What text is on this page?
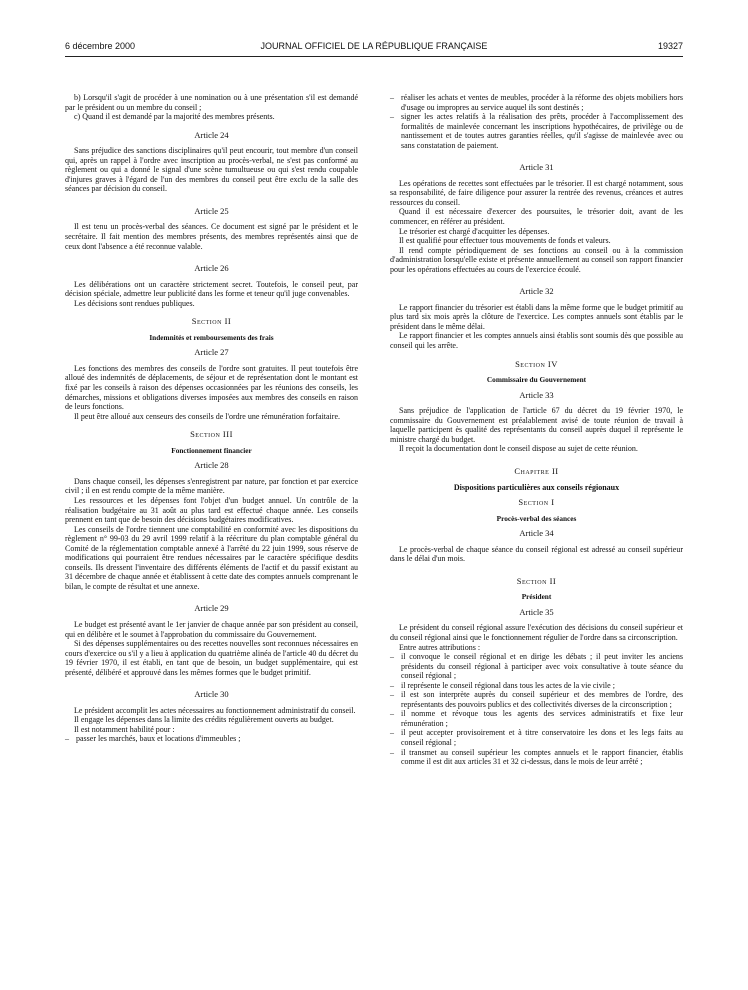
6 décembre 2000	JOURNAL OFFICIEL DE LA RÉPUBLIQUE FRANÇAISE	19327

b) Lorsqu'il s'agit de procéder à une nomination ou à une présentation s'il est demandé par le président ou un membre du conseil ;

c) Quand il est demandé par la majorité des membres présents.

Article 24

Sans préjudice des sanctions disciplinaires qu'il peut encourir, tout membre d'un conseil qui, après un rappel à l'ordre avec inscription au procès-verbal, ne s'est pas conformé au règlement ou qui a donné le signal d'une scène tumultueuse ou qui s'est rendu coupable d'injures graves à l'égard de l'un des membres du conseil peut être exclu de la salle des séances par décision du conseil.

Article 25

Il est tenu un procès-verbal des séances. Ce document est signé par le président et le secrétaire. Il fait mention des membres présents, des membres représentés ainsi que de ceux dont l'absence a été reconnue valable.

Article 26

Les délibérations ont un caractère strictement secret. Toutefois, le conseil peut, par décision spéciale, admettre leur publicité dans les forme et teneur qu'il juge convenables.

Les décisions sont rendues publiques.

Section II
Indemnités et remboursements des frais
Article 27

Les fonctions des membres des conseils de l'ordre sont gratuites. Il peut toutefois être alloué des indemnités de déplacements, de séjour et de représentation dont le montant est fixé par les conseils à raison des dépenses occasionnées par les réunions des conseils, les démarches, missions et obligations diverses imposées aux membres des conseils en raison de leurs fonctions.

Il peut être alloué aux censeurs des conseils de l'ordre une rémunération forfaitaire.

Section III
Fonctionnement financier
Article 28

Dans chaque conseil, les dépenses s'enregistrent par nature, par fonction et par exercice civil ; il en est rendu compte de la même manière.

Les ressources et les dépenses font l'objet d'un budget annuel. Un contrôle de la réalisation budgétaire au 31 août au plus tard est effectué chaque année. Les conseils prennent en tant que de besoin des décisions budgétaires modificatives.

Les conseils de l'ordre tiennent une comptabilité en conformité avec les dispositions du règlement n° 99-03 du 29 avril 1999 relatif à la réécriture du plan comptable général du Comité de la réglementation comptable annexé à l'arrêté du 22 juin 1999, sous réserve de modifications qui pourraient être rendues nécessaires par le caractère spécifique desdits conseils. Ils dressent l'inventaire des différents éléments de l'actif et du passif existant au 31 décembre de chaque année et établissent à cette date des comptes annuels comprenant le bilan, le compte de résultat et une annexe.

Article 29

Le budget est présenté avant le 1er janvier de chaque année par son président au conseil, qui en délibère et le soumet à l'approbation du commissaire du Gouvernement.

Si des dépenses supplémentaires ou des recettes nouvelles sont reconnues nécessaires en cours d'exercice ou s'il y a lieu à application du quatrième alinéa de l'article 40 du décret du 19 février 1970, il est établi, en tant que de besoin, un budget supplémentaire, qui est présenté, délibéré et approuvé dans les mêmes formes que le budget primitif.

Article 30

Le président accomplit les actes nécessaires au fonctionnement administratif du conseil.

Il engage les dépenses dans la limite des crédits régulièrement ouverts au budget.

Il est notamment habilité pour :

– passer les marchés, baux et locations d'immeubles ;

– réaliser les achats et ventes de meubles, procéder à la réforme des objets mobiliers hors d'usage ou impropres au service auquel ils sont destinés ;

– signer les actes relatifs à la réalisation des prêts, procéder à l'accomplissement des formalités de mainlevée concernant les inscriptions hypothécaires, de privilège ou de nantissement et de toutes autres garanties réelles, qu'il s'agisse de mainlevée avec ou sans constatation de paiement.

Article 31

Les opérations de recettes sont effectuées par le trésorier. Il est chargé notamment, sous sa responsabilité, de faire diligence pour assurer la rentrée des revenus, créances et autres ressources du conseil.

Quand il est nécessaire d'exercer des poursuites, le trésorier doit, avant de les commencer, en référer au président.

Le trésorier est chargé d'acquitter les dépenses.

Il est qualifié pour effectuer tous mouvements de fonds et valeurs.

Il rend compte périodiquement de ses fonctions au conseil ou à la commission d'administration lorsqu'elle existe et présente annuellement au conseil son rapport financier pour les opérations effectuées au cours de l'exercice écoulé.

Article 32

Le rapport financier du trésorier est établi dans la même forme que le budget primitif au plus tard six mois après la clôture de l'exercice. Les comptes annuels sont établis par le président dans le même délai.

Le rapport financier et les comptes annuels ainsi établis sont soumis dès que possible au conseil qui les arrête.

Section IV
Commissaire du Gouvernement
Article 33

Sans préjudice de l'application de l'article 67 du décret du 19 février 1970, le commissaire du Gouvernement est préalablement avisé de toute réunion de travail à laquelle participent ès qualité des représentants du conseil auprès duquel il représente le ministre chargé du budget.

Il reçoit la documentation dont le conseil dispose au sujet de cette réunion.

Chapitre II
Dispositions particulières aux conseils régionaux
Section I
Procès-verbal des séances
Article 34

Le procès-verbal de chaque séance du conseil régional est adressé au conseil supérieur dans le délai d'un mois.

Section II
Président
Article 35

Le président du conseil régional assure l'exécution des décisions du conseil supérieur et du conseil régional ainsi que le fonctionnement régulier de l'ordre dans sa circonscription.

Entre autres attributions :

– il convoque le conseil régional et en dirige les débats ; il peut inviter les anciens présidents du conseil régional à participer avec voix consultative à toute séance du conseil régional ;

– il représente le conseil régional dans tous les actes de la vie civile ;

– il est son interprète auprès du conseil supérieur et des membres de l'ordre, des représentants des pouvoirs publics et des collectivités diverses de la circonscription ;

– il nomme et révoque tous les agents des services administratifs et fixe leur rémunération ;

– il peut accepter provisoirement et à titre conservatoire les dons et les legs faits au conseil régional ;

– il transmet au conseil supérieur les comptes annuels et le rapport financier, établis comme il est dit aux articles 31 et 32 ci-dessus, dans le mois de leur arrêté ;
